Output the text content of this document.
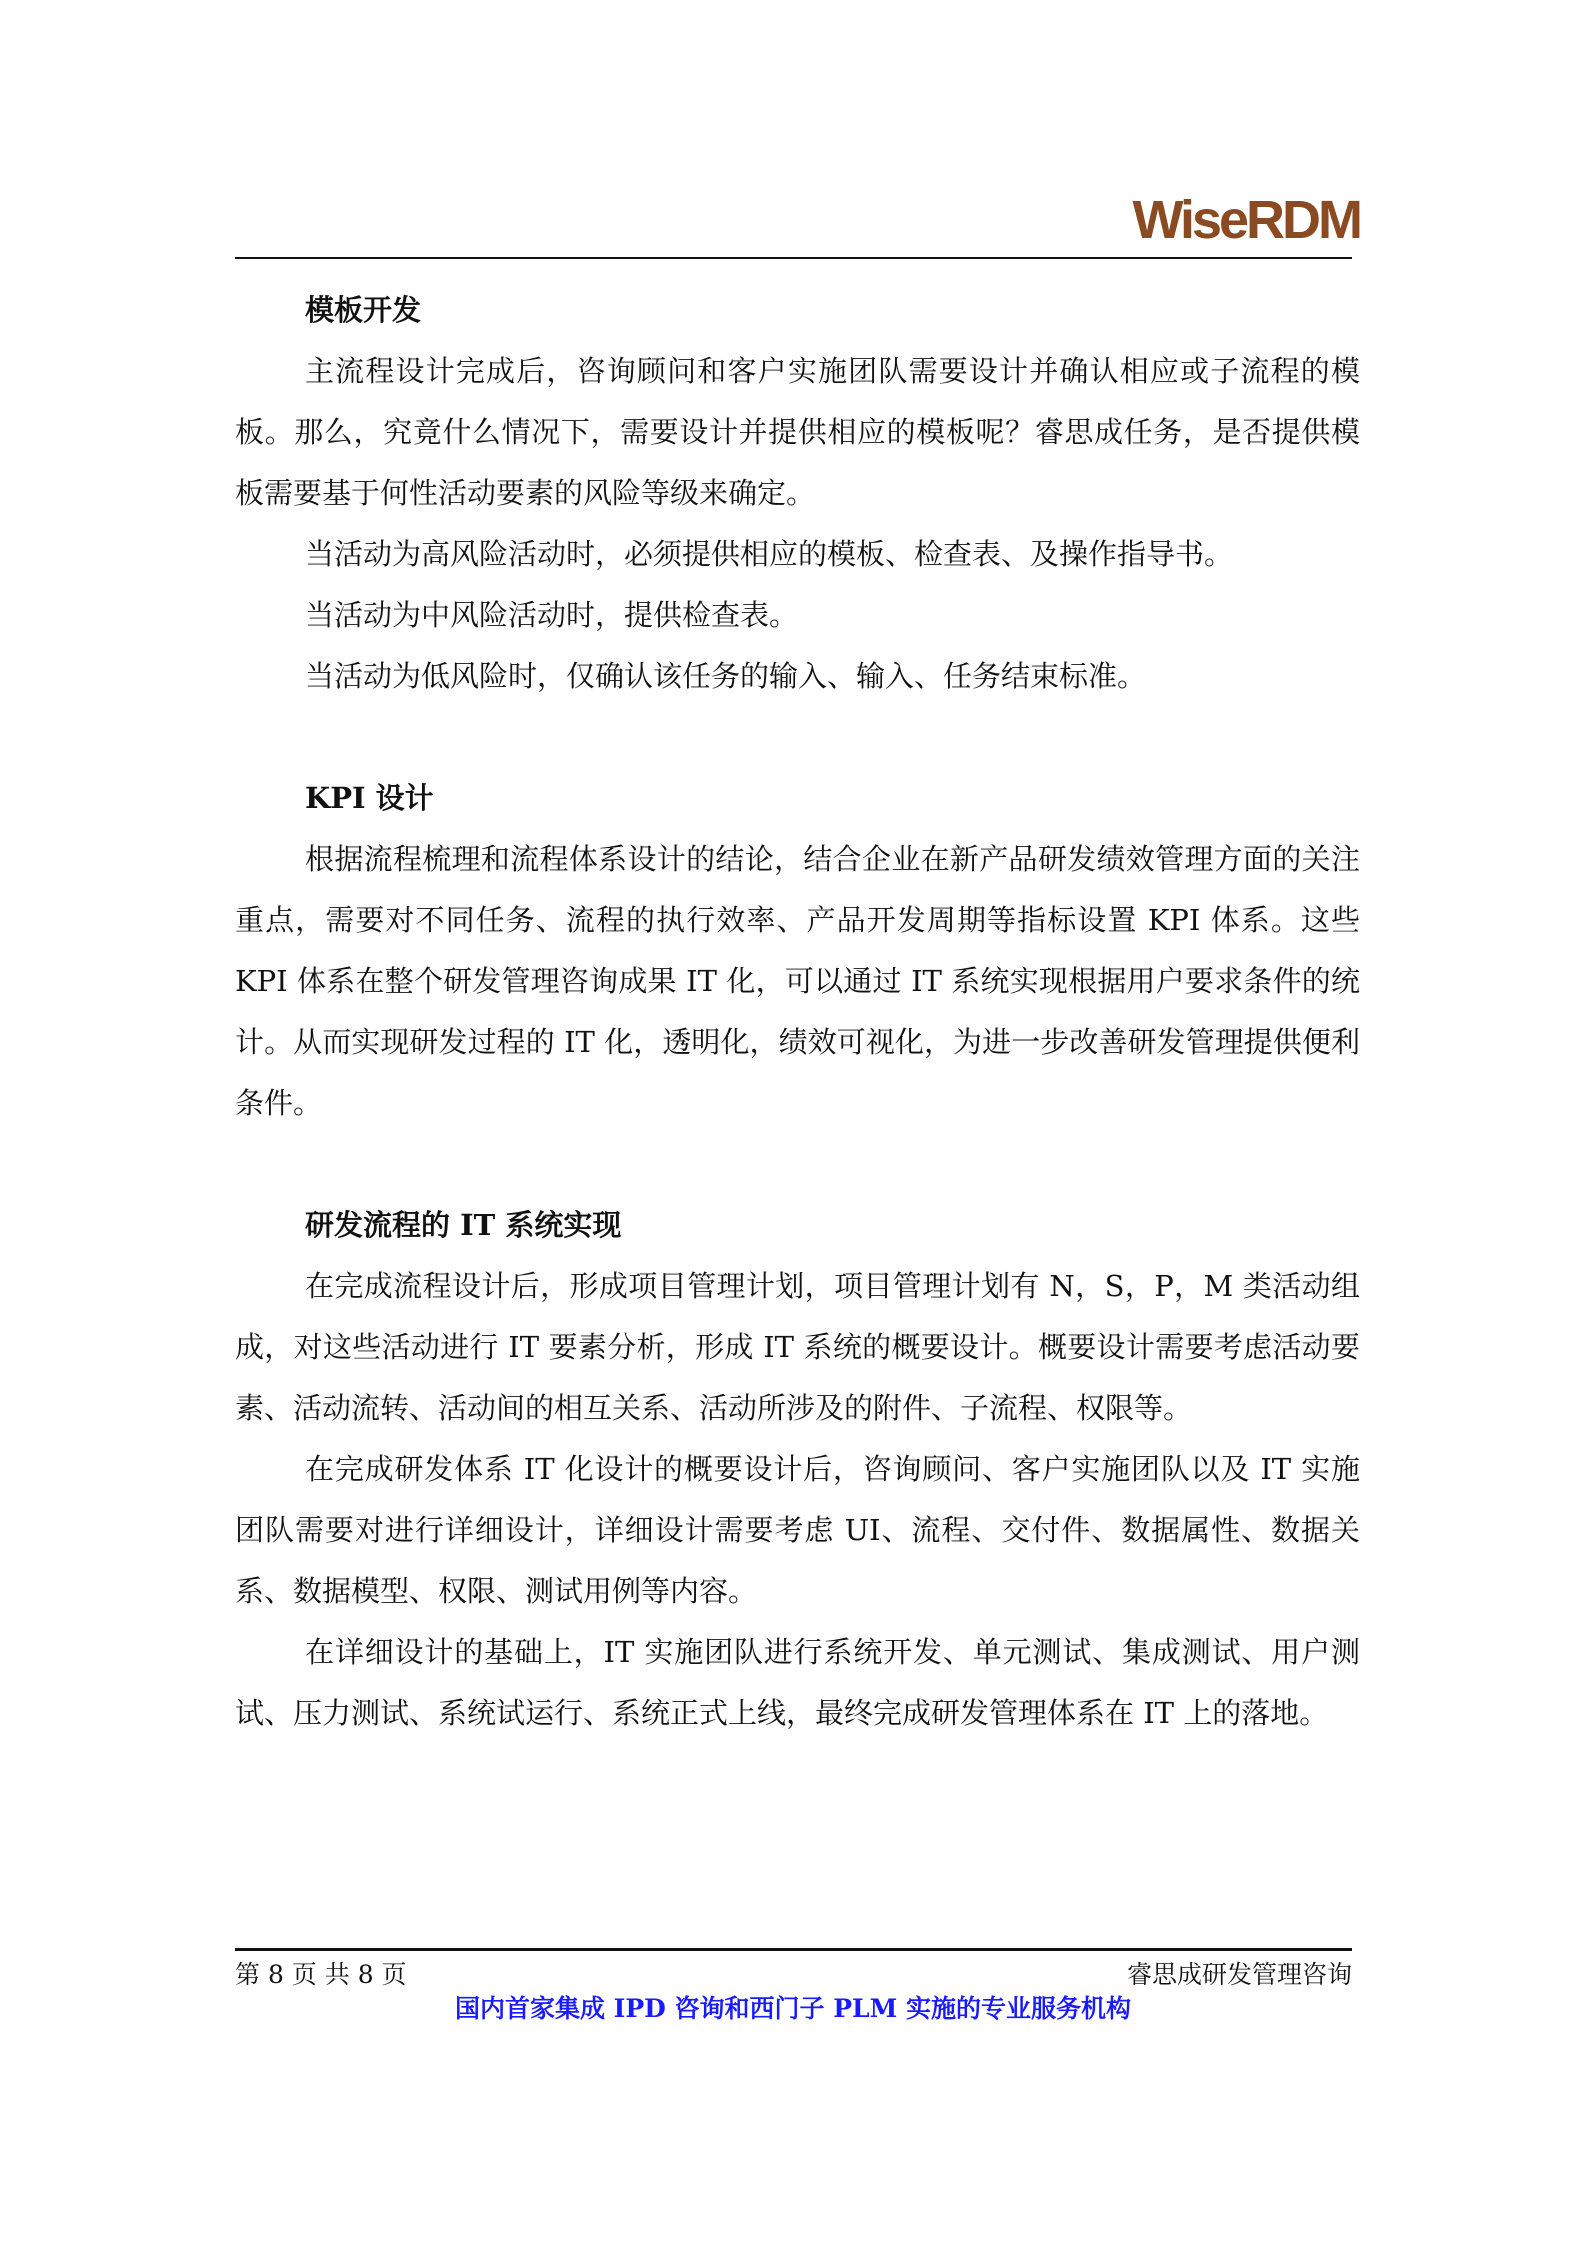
WiseRDM

模板开发

主流程设计完成后，咨询顾问和客户实施团队需要设计并确认相应或子流程的模板。那么，究竟什么情况下，需要设计并提供相应的模板呢？睿思成任务，是否提供模板需要基于何性活动要素的风险等级来确定。

当活动为高风险活动时，必须提供相应的模板、检查表、及操作指导书。

当活动为中风险活动时，提供检查表。

当活动为低风险时，仅确认该任务的输入、输入、任务结束标准。

KPI 设计

根据流程梳理和流程体系设计的结论，结合企业在新产品研发绩效管理方面的关注重点，需要对不同任务、流程的执行效率、产品开发周期等指标设置 KPI 体系。这些 KPI 体系在整个研发管理咨询成果 IT 化，可以通过 IT 系统实现根据用户要求条件的统计。从而实现研发过程的 IT 化，透明化，绩效可视化，为进一步改善研发管理提供便利条件。

研发流程的 IT 系统实现

在完成流程设计后，形成项目管理计划，项目管理计划有 N，S，P，M 类活动组成，对这些活动进行 IT 要素分析，形成 IT 系统的概要设计。概要设计需要考虑活动要素、活动流转、活动间的相互关系、活动所涉及的附件、子流程、权限等。

在完成研发体系 IT 化设计的概要设计后，咨询顾问、客户实施团队以及 IT 实施团队需要对进行详细设计，详细设计需要考虑 UI、流程、交付件、数据属性、数据关系、数据模型、权限、测试用例等内容。

在详细设计的基础上，IT 实施团队进行系统开发、单元测试、集成测试、用户测试、压力测试、系统试运行、系统正式上线，最终完成研发管理体系在 IT 上的落地。

第 8 页 共 8 页	睿思成研发管理咨询
国内首家集成 IPD 咨询和西门子 PLM 实施的专业服务机构
